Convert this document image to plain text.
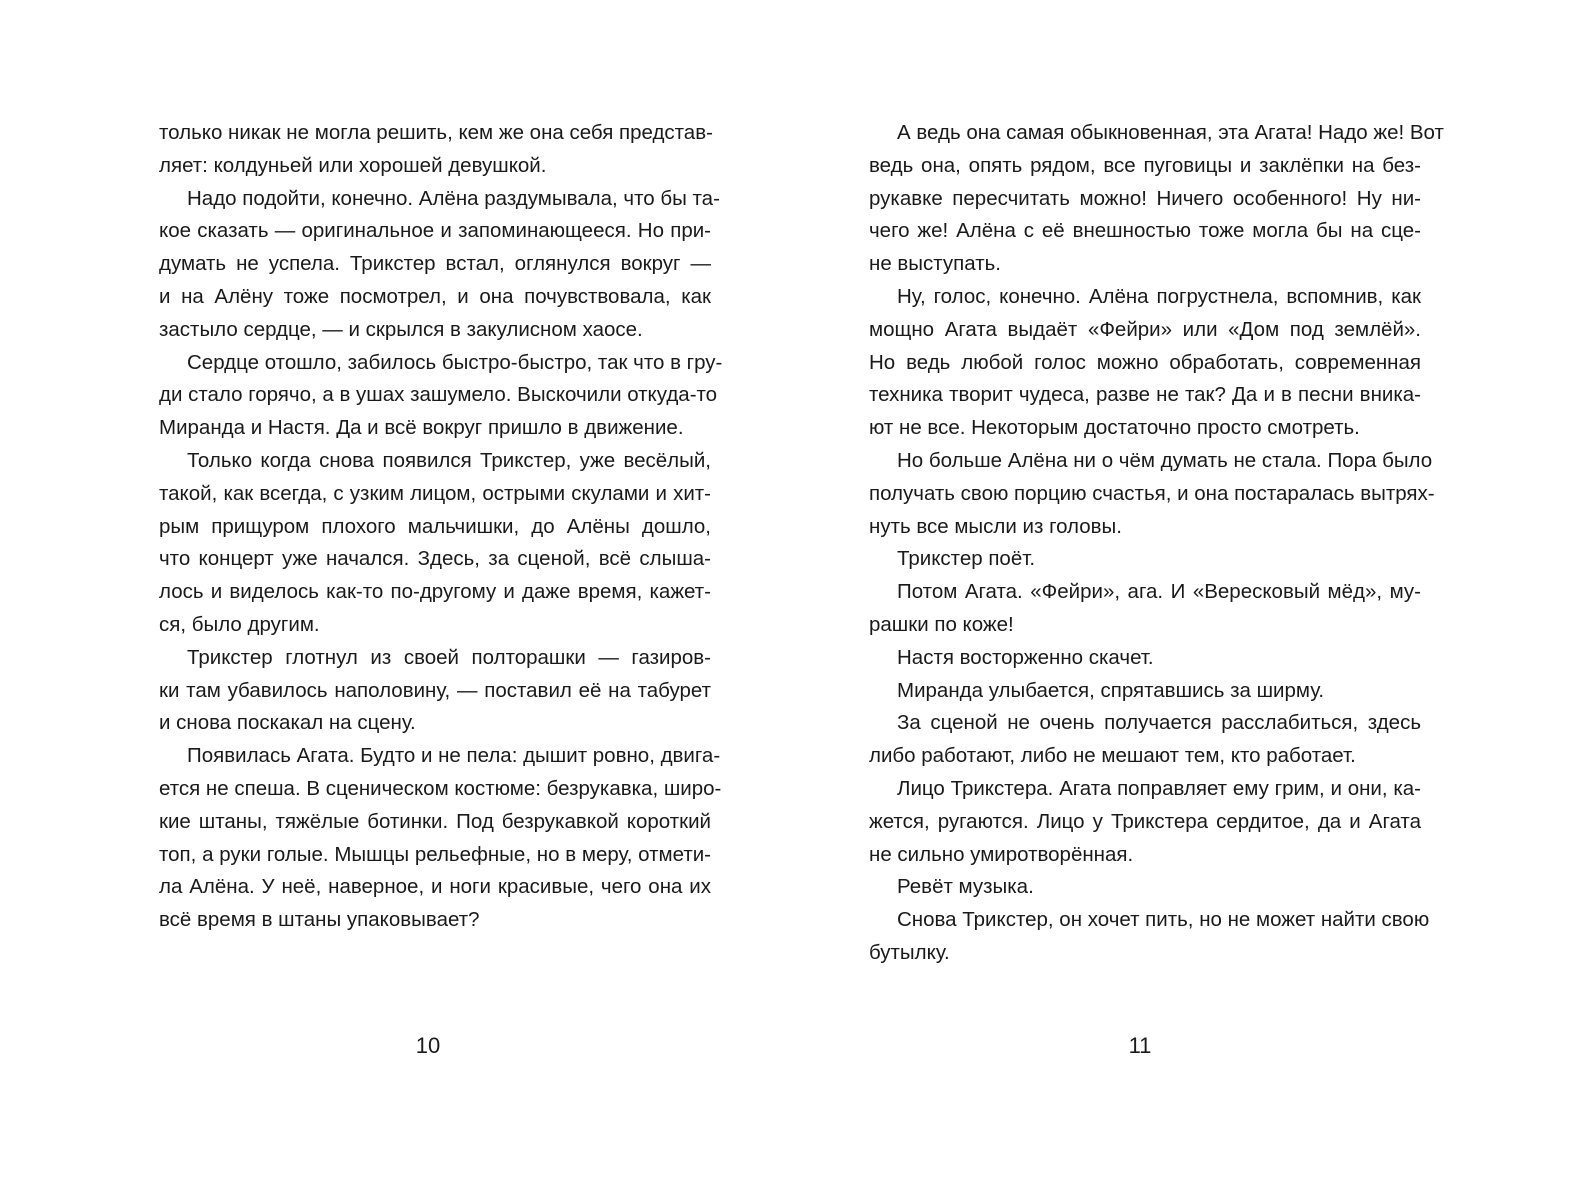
только никак не могла решить, кем же она себя представ-
ляет: колдуньей или хорошей девушкой.
Надо подойти, конечно. Алёна раздумывала, что бы та-
кое сказать — оригинальное и запоминающееся. Но при-
думать не успела. Трикстер встал, оглянулся вокруг —
и на Алёну тоже посмотрел, и она почувствовала, как
застыло сердце, — и скрылся в закулисном хаосе.
Сердце отошло, забилось быстро-быстро, так что в гру-
ди стало горячо, а в ушах зашумело. Выскочили откуда-то
Миранда и Настя. Да и всё вокруг пришло в движение.
Только когда снова появился Трикстер, уже весёлый,
такой, как всегда, с узким лицом, острыми скулами и хит-
рым прищуром плохого мальчишки, до Алёны дошло,
что концерт уже начался. Здесь, за сценой, всё слыша-
лось и виделось как-то по-другому и даже время, кажет-
ся, было другим.
Трикстер глотнул из своей полторашки — газиров-
ки там убавилось наполовину, — поставил её на табурет
и снова поскакал на сцену.
Появилась Агата. Будто и не пела: дышит ровно, двига-
ется не спеша. В сценическом костюме: безрукавка, широ-
кие штаны, тяжёлые ботинки. Под безрукавкой короткий
топ, а руки голые. Мышцы рельефные, но в меру, отмети-
ла Алёна. У неё, наверное, и ноги красивые, чего она их
всё время в штаны упаковывает?
10
А ведь она самая обыкновенная, эта Агата! Надо же! Вот
ведь она, опять рядом, все пуговицы и заклёпки на без-
рукавке пересчитать можно! Ничего особенного! Ну ни-
чего же! Алёна с её внешностью тоже могла бы на сце-
не выступать.
Ну, голос, конечно. Алёна погрустнела, вспомнив, как
мощно Агата выдаёт «Фейри» или «Дом под землёй».
Но ведь любой голос можно обработать, современная
техника творит чудеса, разве не так? Да и в песни вника-
ют не все. Некоторым достаточно просто смотреть.
Но больше Алёна ни о чём думать не стала. Пора было
получать свою порцию счастья, и она постаралась вытрях-
нуть все мысли из головы.
Трикстер поёт.
Потом Агата. «Фейри», ага. И «Вересковый мёд», му-
рашки по коже!
Настя восторженно скачет.
Миранда улыбается, спрятавшись за ширму.
За сценой не очень получается расслабиться, здесь
либо работают, либо не мешают тем, кто работает.
Лицо Трикстера. Агата поправляет ему грим, и они, ка-
жется, ругаются. Лицо у Трикстера сердитое, да и Агата
не сильно умиротворённая.
Ревёт музыка.
Снова Трикстер, он хочет пить, но не может найти свою
бутылку.
11
